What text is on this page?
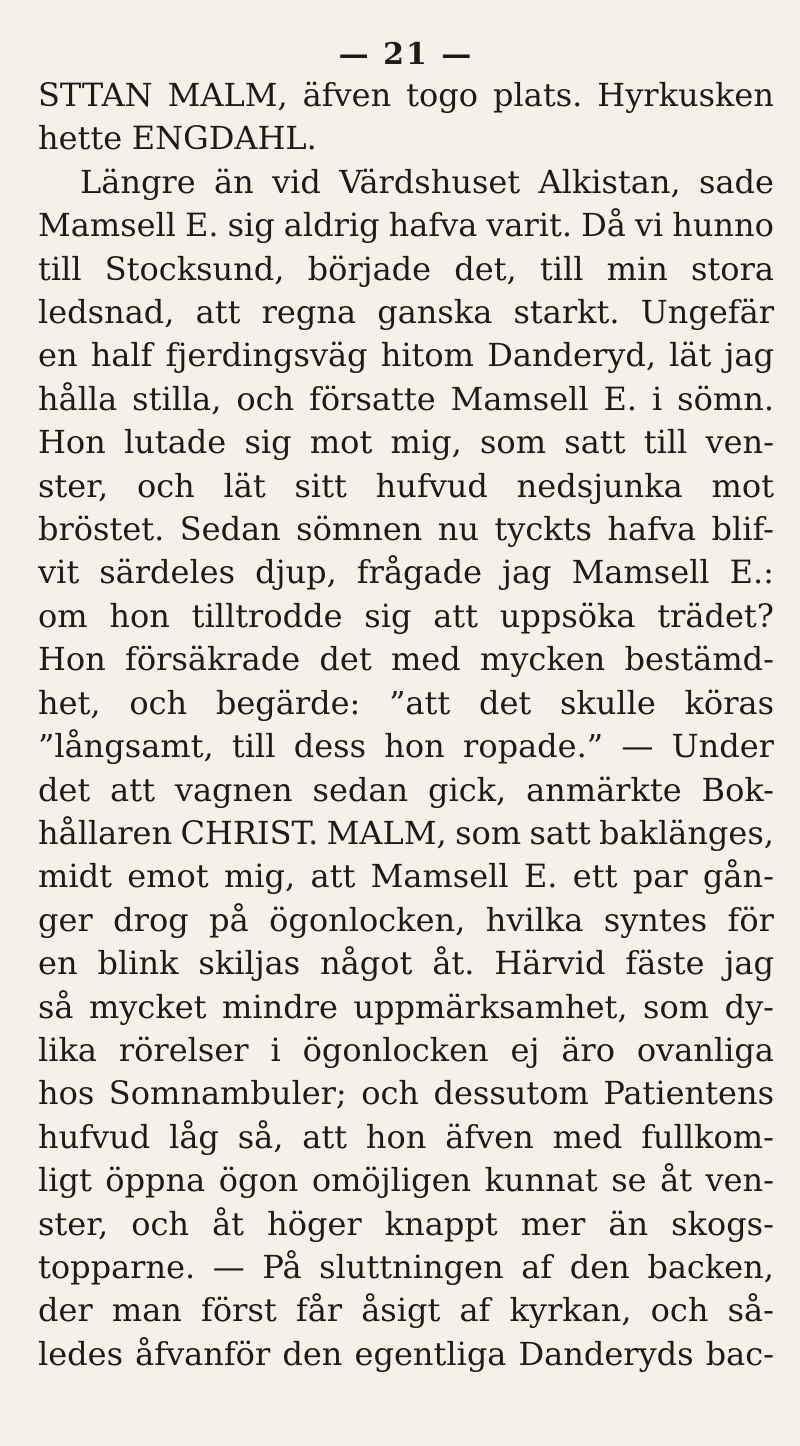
— 21 —
STTAN MALM, äfven togo plats. Hyrkusken
hette ENGDAHL.
Längre än vid Värdshuset Alkistan, sade
Mamsell E. sig aldrig hafva varit. Då vi hunno
till Stocksund, började det, till min stora
ledsnad, att regna ganska starkt. Ungefär
en half fjerdingsväg hitom Danderyd, lät jag
hålla stilla, och försatte Mamsell E. i sömn.
Hon lutade sig mot mig, som satt till ven-
ster, och lät sitt hufvud nedsjunka mot
bröstet. Sedan sömnen nu tyckts hafva blif-
vit särdeles djup, frågade jag Mamsell E.:
om hon tilltrodde sig att uppsöka trädet?
Hon försäkrade det med mycken bestämd-
het, och begärde: ”att det skulle köras
”långsamt, till dess hon ropade.” — Under
det att vagnen sedan gick, anmärkte Bok-
hållaren CHRIST. MALM, som satt baklänges,
midt emot mig, att Mamsell E. ett par gån-
ger drog på ögonlocken, hvilka syntes för
en blink skiljas något åt. Härvid fäste jag
så mycket mindre uppmärksamhet, som dy-
lika rörelser i ögonlocken ej äro ovanliga
hos Somnambuler; och dessutom Patientens
hufvud låg så, att hon äfven med fullkom-
ligt öppna ögon omöjligen kunnat se åt ven-
ster, och åt höger knappt mer än skogs-
topparne. — På sluttningen af den backen,
der man först får åsigt af kyrkan, och så-
ledes åfvanför den egentliga Danderyds bac-
